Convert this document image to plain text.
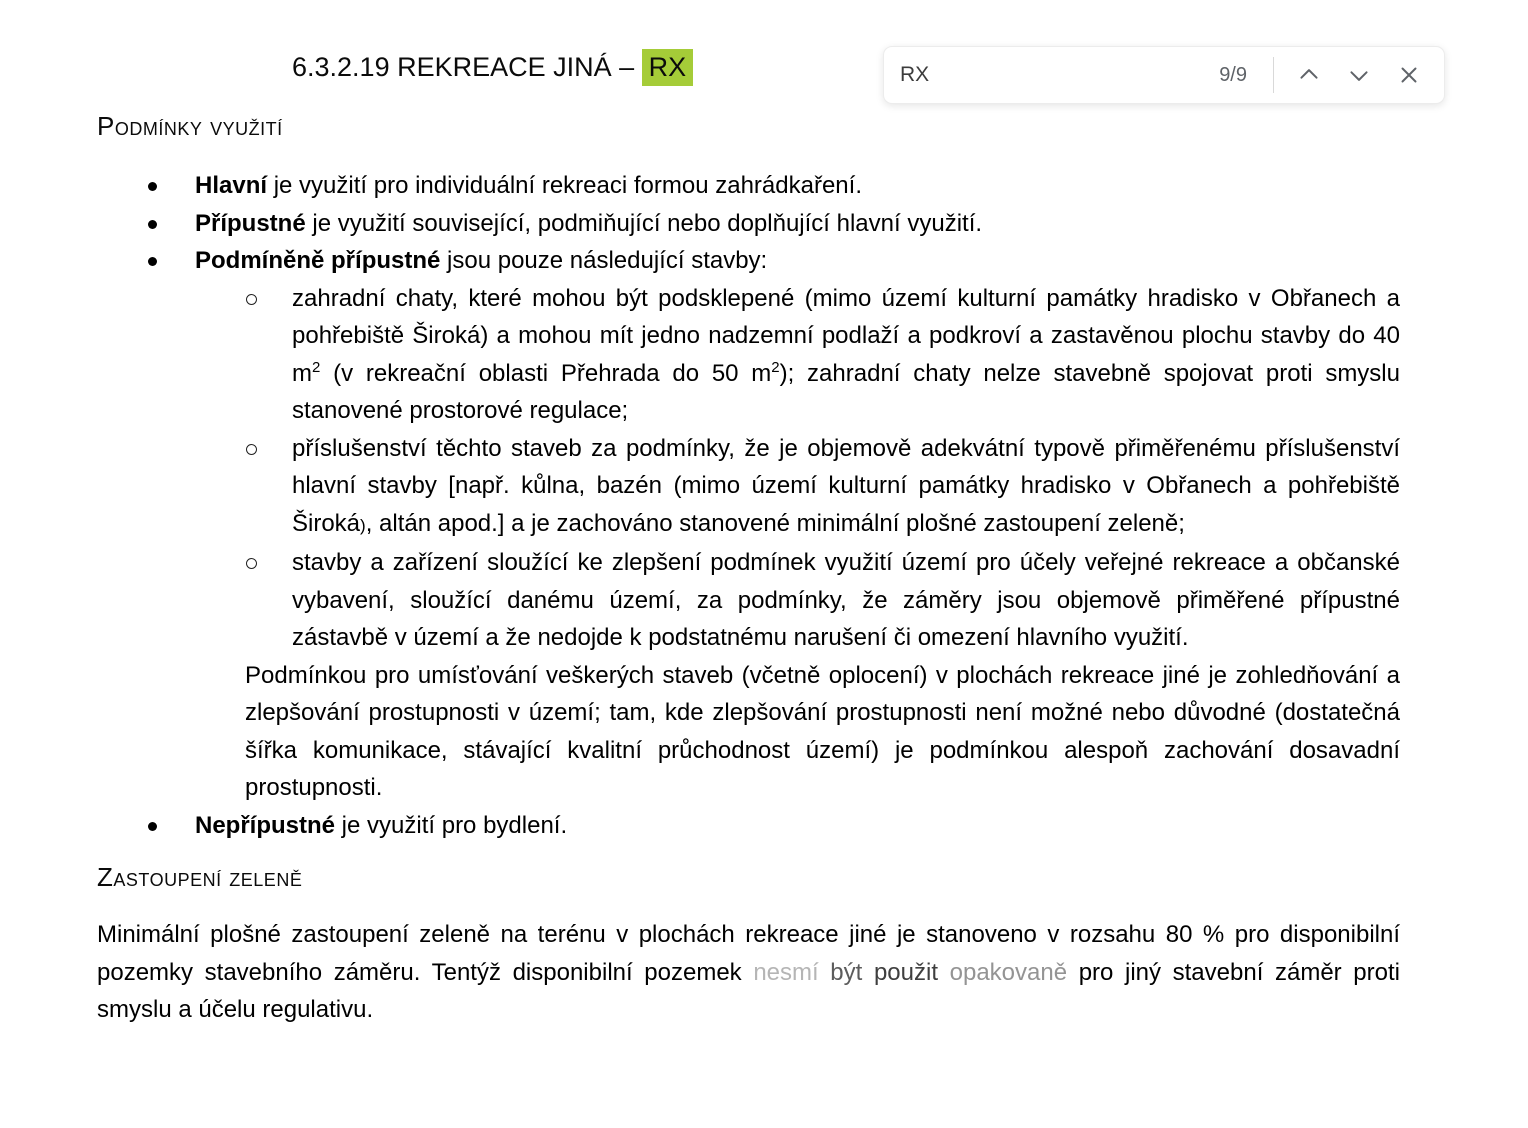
6.3.2.19 REKREACE JINÁ – RX	RX	9/9
Podmínky využití
Hlavní je využití pro individuální rekreaci formou zahrádkaření.
Přípustné je využití související, podmiňující nebo doplňující hlavní využití.
Podmíněně přípustné jsou pouze následující stavby:
zahradní chaty, které mohou být podsklepené (mimo území kulturní památky hradisko v Obřanech a pohřebiště Široká) a mohou mít jedno nadzemní podlaží a podkroví a zastavěnou plochu stavby do 40 $m^2$ (v rekreační oblasti Přehrada do 50 $m^2$); zahradní chaty nelze stavebně spojovat proti smyslu stanovené prostorové regulace;
příslušenství těchto staveb za podmínky, že je objemově adekvátní typově přiměřenému příslušenství hlavní stavby [např. kůlna, bazén (mimo území kulturní památky hradisko v Obřanech a pohřebiště Široká), altán apod.] a je zachováno stanovené minimální plošné zastoupení zeleně;
stavby a zařízení sloužící ke zlepšení podmínek využití území pro účely veřejné rekreace a občanské vybavení, sloužící danému území, za podmínky, že záměry jsou objemově přiměřené přípustné zástavbě v území a že nedojde k podstatnému narušení či omezení hlavního využití.
Podmínkou pro umísťování veškerých staveb (včetně oplocení) v plochách rekreace jiné je zohledňování a zlepšování prostupnosti v území; tam, kde zlepšování prostupnosti není možné nebo důvodné (dostatečná šířka komunikace, stávající kvalitní průchodnost území) je podmínkou alespoň zachování dosavadní prostupnosti.
Nepřípustné je využití pro bydlení.
Zastoupení zeleně
Minimální plošné zastoupení zeleně na terénu v plochách rekreace jiné je stanoveno v rozsahu 80 % pro disponibilní pozemky stavebního záměru. Tentýž disponibilní pozemek nesmí být použit opakovaně pro jiný stavební záměr proti smyslu a účelu regulativu.
